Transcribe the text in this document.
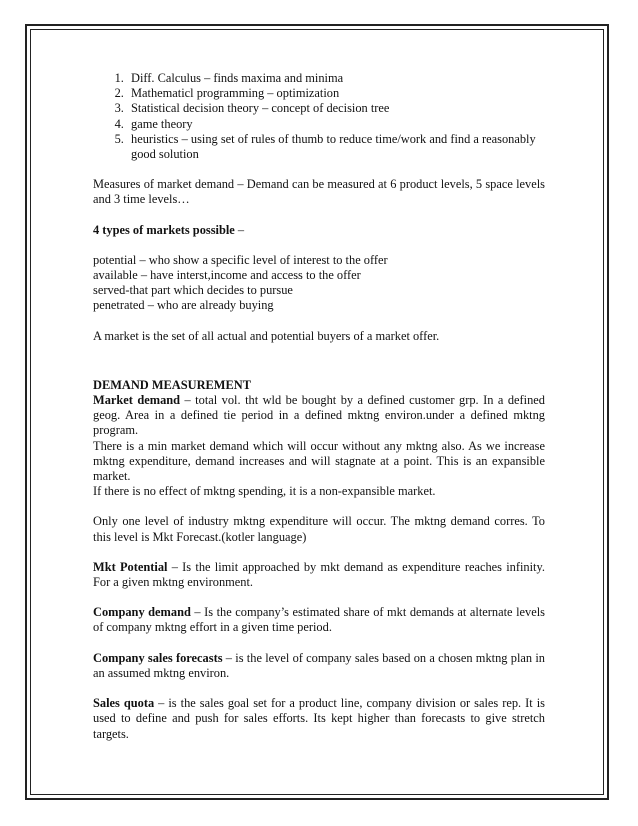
1. Diff. Calculus – finds maxima and minima
2. Mathematicl programming – optimization
3. Statistical decision theory – concept of decision tree
4. game theory
5. heuristics – using set of rules of thumb to reduce time/work and find a reasonably good solution

Measures of market demand – Demand can be measured at 6 product levels, 5 space levels and 3 time levels…

4 types of markets possible –

potential – who show a specific level of interest to the offer

available – have interst,income and access to the offer

served-that part which decides to pursue

penetrated – who are already buying

A market is the set of all actual and potential buyers of a market offer.

DEMAND MEASUREMENT

Market demand – total vol. tht wld be bought by a defined customer grp. In a defined geog. Area in a defined tie period in a defined mktng environ.under a defined mktng program.

There is a min market demand which will occur without any mktng also. As we increase mktng expenditure, demand increases and will stagnate at a point. This is an expansible market.

If there is no effect of mktng spending, it is a non-expansible market.

Only one level of industry mktng expenditure will occur. The mktng demand corres. To this level is Mkt Forecast.(kotler language)

Mkt Potential – Is the limit approached by mkt demand as expenditure reaches infinity. For a given mktng environment.

Company demand – Is the company’s estimated share of mkt demands at alternate levels of company mktng effort in a given time period.

Company sales forecasts – is the level of company sales based on a chosen mktng plan in an assumed mktng environ.

Sales quota – is the sales goal set for a product line, company division or sales rep. It is used to define and push for sales efforts. Its kept higher than forecasts to give stretch targets.
